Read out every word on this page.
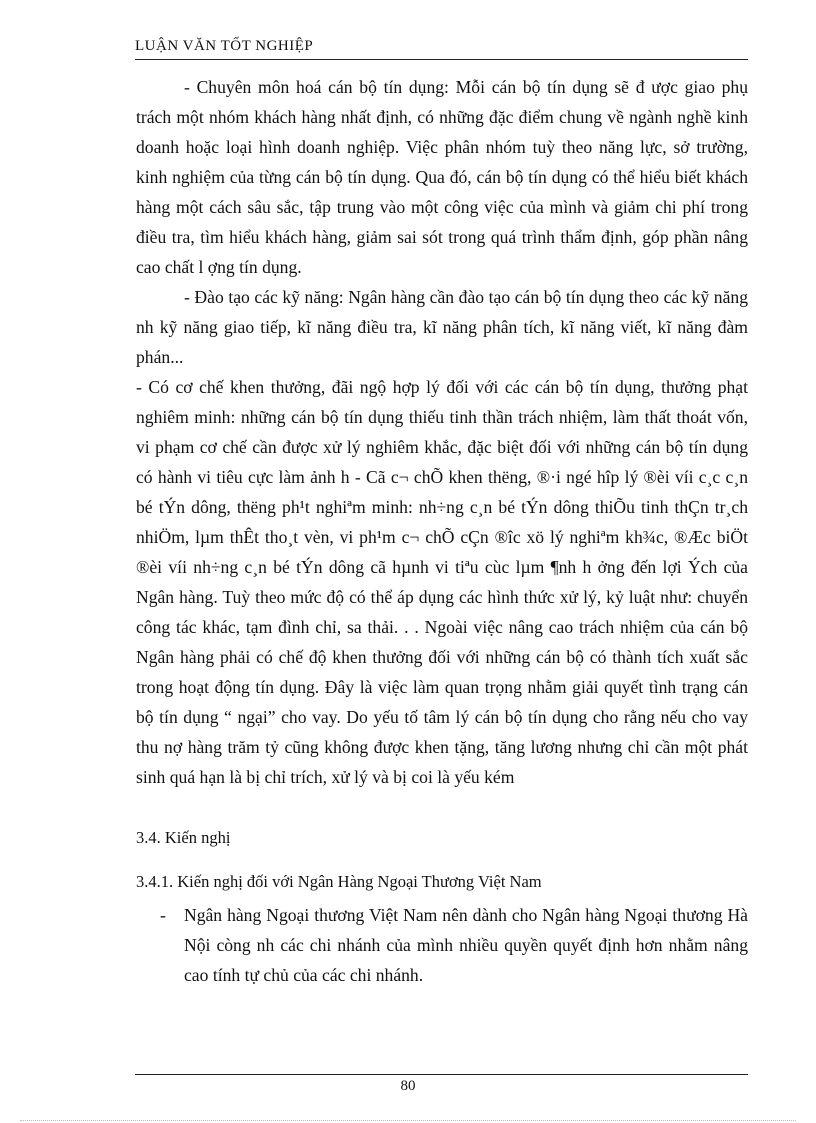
LUẬN VĂN TỐT NGHIỆP

- Chuyên môn hoá cán bộ tín dụng: Mỗi cán bộ tín dụng sẽ đ ược giao phụ trách một nhóm khách hàng nhất định, có những đặc điểm chung về ngành nghề kinh doanh hoặc loại hình doanh nghiệp. Việc phân nhóm tuỳ theo năng lực, sở trường, kinh nghiệm của từng cán bộ tín dụng. Qua đó, cán bộ tín dụng có thể hiểu biết khách hàng một cách sâu sắc, tập trung vào một công việc của mình và giảm chi phí trong điều tra, tìm hiểu khách hàng, giảm sai sót trong quá trình thẩm định, góp phần nâng cao chất l ợng tín dụng.

- Đào tạo các kỹ năng: Ngân hàng cần đào tạo cán bộ tín dụng theo các kỹ năng nh kỹ năng giao tiếp, kĩ năng điều tra, kĩ năng phân tích, kĩ năng viết, kĩ năng đàm phán...

- Có cơ chế khen thưởng, đãi ngộ hợp lý đối với các cán bộ tín dụng, thưởng phạt nghiêm minh: những cán bộ tín dụng thiếu tinh thần trách nhiệm, làm thất thoát vốn, vi phạm cơ chế cần được xử lý nghiêm khắc, đặc biệt đối với những cán bộ tín dụng có hành vi tiêu cực làm ảnh h - Cã c¬ chÕ khen thëng, ®·i ngé hîp lý ®èi víi c¸c c¸n bé tÝn dông, thëng ph¹t nghiªm minh: nh÷ng c¸n bé tÝn dông thiÕu tinh thÇn tr¸ch nhiÖm, lµm thÊt tho¸t vèn, vi ph¹m c¬ chÕ cÇn ®îc xö lý nghiªm kh¾c, ®Æc biÖt ®èi víi nh÷ng c¸n bé tÝn dông cã hµnh vi tiªu cùc lµm ¶nh h ởng đến lợi Ých của Ngân hàng. Tuỳ theo mức độ có thể áp dụng các hình thức xử lý, kỷ luật như: chuyển công tác khác, tạm đình chỉ, sa thải. . . Ngoài việc nâng cao trách nhiệm của cán bộ Ngân hàng phải có chế độ khen thưởng đối với những cán bộ có thành tích xuất sắc trong hoạt động tín dụng. Đây là việc làm quan trọng nhằm giải quyết tình trạng cán bộ tín dụng “ ngại” cho vay. Do yếu tố tâm lý cán bộ tín dụng cho rằng nếu cho vay thu nợ hàng trăm tỷ cũng không được khen tặng, tăng lương nhưng chỉ cần một phát sinh quá hạn là bị chỉ trích, xử lý và bị coi là yếu kém

3.4. Kiến nghị
3.4.1. Kiến nghị đối với Ngân Hàng Ngoại Thương Việt Nam
- Ngân hàng Ngoại thương Việt Nam nên dành cho Ngân hàng Ngoại thương Hà Nội còng nh các chi nhánh của mình nhiều quyền quyết định hơn nhằm nâng cao tính tự chủ của các chi nhánh.
80
